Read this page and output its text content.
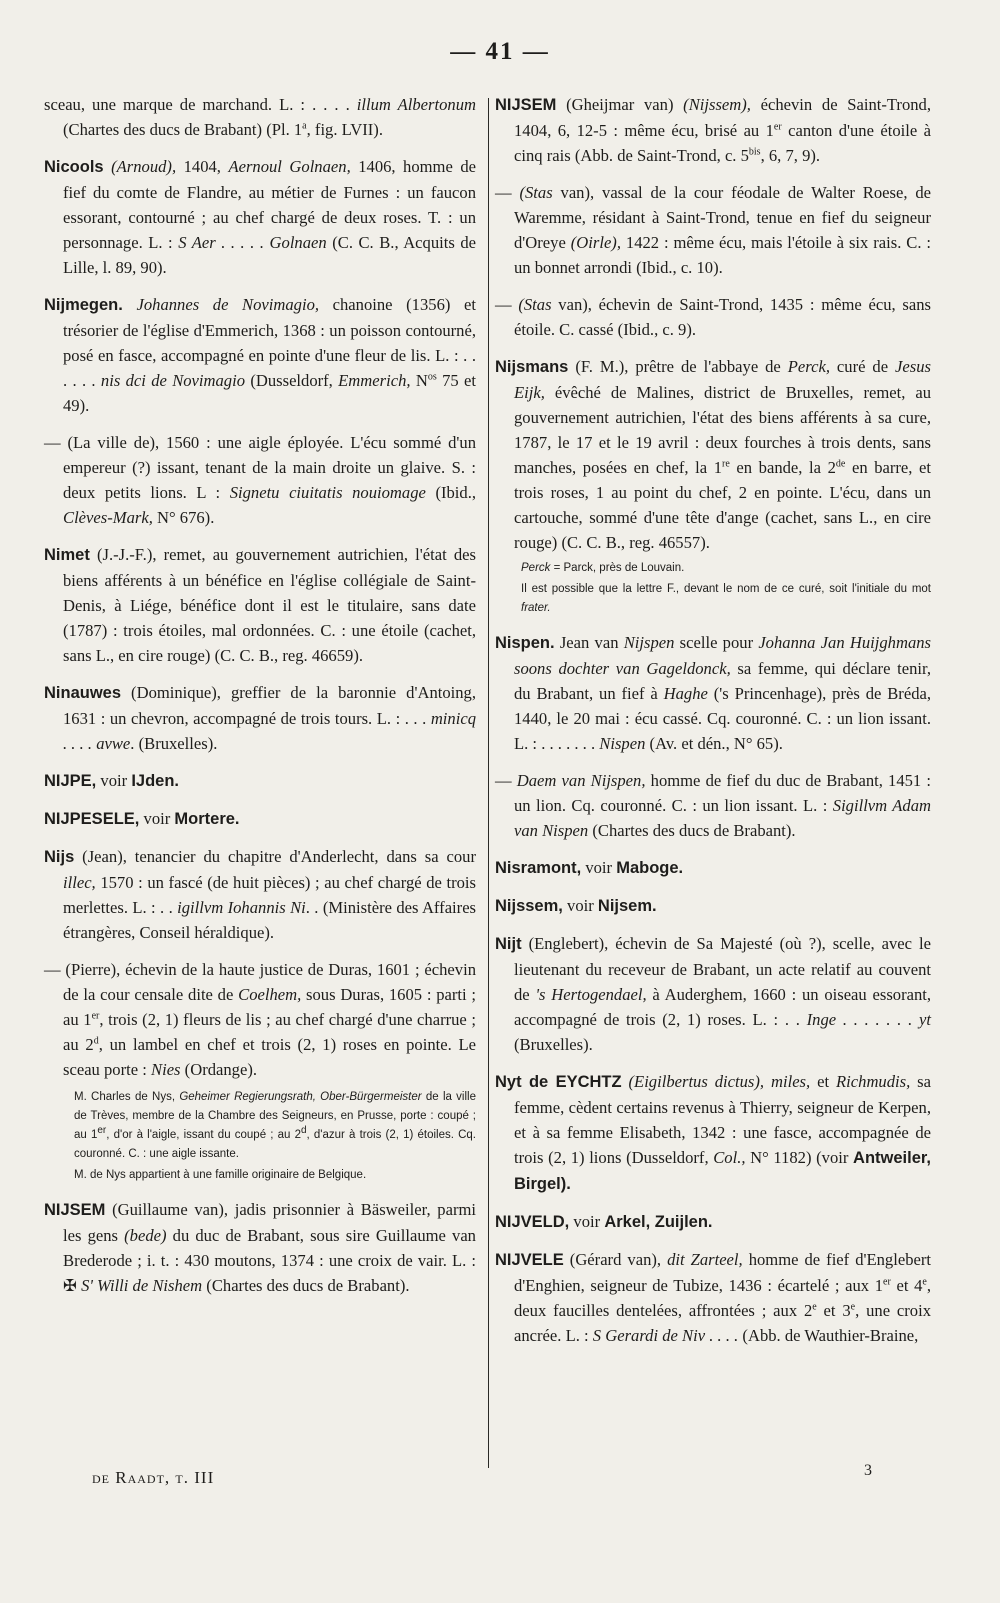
— 41 —

sceau, une marque de marchand. L. : . . . . illum Albertonum (Chartes des ducs de Brabant) (Pl. 1$^a$, fig. LVII).

Nicools (Arnoud), 1404, Aernoul Golnaen, 1406, homme de fief du comte de Flandre, au métier de Furnes : un faucon essorant, contourné ; au chef chargé de deux roses. T. : un personnage. L. : S Aer . . . . . Golnaen (C. C. B., Acquits de Lille, l. 89, 90).

Nijmegen. Johannes de Novimagio, chanoine (1356) et trésorier de l'église d'Emmerich, 1368 : un poisson contourné, posé en fasce, accompagné en pointe d'une fleur de lis. L. : . . . . . . nis dci de Novimagio (Dusseldorf, Emmerich, $N^{os}$ 75 et 49).

— (La ville de), 1560 : une aigle éployée. L'écu sommé d'un empereur (?) issant, tenant de la main droite un glaive. S. : deux petits lions. L : Signetu ciuitatis nouiomage (Ibid., Clèves-Mark, N° 676).

Nimet (J.-J.-F.), remet, au gouvernement autrichien, l'état des biens afférents à un bénéfice en l'église collégiale de Saint-Denis, à Liége, bénéfice dont il est le titulaire, sans date (1787) : trois étoiles, mal ordonnées. C. : une étoile (cachet, sans L., en cire rouge) (C. C. B., reg. 46659).

Ninauwes (Dominique), greffier de la baronnie d'Antoing, 1631 : un chevron, accompagné de trois tours. L. : . . . minicq . . . . avwe. (Bruxelles).

NIJPE, voir IJden.

NIJPESELE, voir Mortere.

Nijs (Jean), tenancier du chapitre d'Anderlecht, dans sa cour illec, 1570 : un fascé (de huit pièces) ; au chef chargé de trois merlettes. L. : . . igillvm Iohannis Ni. . (Ministère des Affaires étrangères, Conseil héraldique).

— (Pierre), échevin de la haute justice de Duras, 1601 ; échevin de la cour censale dite de Coelhem, sous Duras, 1605 : parti ; au 1er, trois (2, 1) fleurs de lis ; au chef chargé d'une charrue ; au 2$^d$, un lambel en chef et trois (2, 1) roses en pointe. Le sceau porte : Nies (Ordange).

M. Charles de Nys, Geheimer Regierungsrath, Ober-Bürgermeister de la ville de Trèves, membre de la Chambre des Seigneurs, en Prusse, porte : coupé ; au 1er, d'or à l'aigle, issant du coupé ; au 2$^d$, d'azur à trois (2, 1) étoiles. Cq. couronné. C. : une aigle issante.

M. de Nys appartient à une famille originaire de Belgique.

NIJSEM (Guillaume van), jadis prisonnier à Bäsweiler, parmi les gens (bede) du duc de Brabant, sous sire Guillaume van Brederode ; i. t. : 430 moutons, 1374 : une croix de vair. L. : ✠ S' Willi de Nishem (Chartes des ducs de Brabant).

NIJSEM (Gheijmar van) (Nijssem), échevin de Saint-Trond, 1404, 6, 12-5 : même écu, brisé au 1er canton d'une étoile à cinq rais (Abb. de Saint-Trond, c. $5^{bis}$, 6, 7, 9).

— (Stas van), vassal de la cour féodale de Walter Roese, de Waremme, résidant à Saint-Trond, tenue en fief du seigneur d'Oreye (Oirle), 1422 : même écu, mais l'étoile à six rais. C. : un bonnet arrondi (Ibid., c. 10).

— (Stas van), échevin de Saint-Trond, 1435 : même écu, sans étoile. C. cassé (Ibid., c. 9).

Nijsmans (F. M.), prêtre de l'abbaye de Perck, curé de Jesus Eijk, évêché de Malines, district de Bruxelles, remet, au gouvernement autrichien, l'état des biens afférents à sa cure, 1787, le 17 et le 19 avril : deux fourches à trois dents, sans manches, posées en chef, la 1re en bande, la 2de en barre, et trois roses, 1 au point du chef, 2 en pointe. L'écu, dans un cartouche, sommé d'une tête d'ange (cachet, sans L., en cire rouge) (C. C. B., reg. 46557).

Perck = Parck, près de Louvain.

Il est possible que la lettre F., devant le nom de ce curé, soit l'initiale du mot frater.

Nispen. Jean van Nijspen scelle pour Johanna Jan Huijghmans soons dochter van Gageldonck, sa femme, qui déclare tenir, du Brabant, un fief à Haghe ('s Princenhage), près de Bréda, 1440, le 20 mai : écu cassé. Cq. couronné. C. : un lion issant. L. : . . . . . . . Nispen (Av. et dén., N° 65).

— Daem van Nijspen, homme de fief du duc de Brabant, 1451 : un lion. Cq. couronné. C. : un lion issant. L. : Sigillvm Adam van Nispen (Chartes des ducs de Brabant).

Nisramont, voir Maboge.

Nijssem, voir Nijsem.

Nijt (Englebert), échevin de Sa Majesté (où ?), scelle, avec le lieutenant du receveur de Brabant, un acte relatif au couvent de 's Hertogendael, à Auderghem, 1660 : un oiseau essorant, accompagné de trois (2, 1) roses. L. : . . Inge . . . . . . . yt (Bruxelles).

Nyt de EYCHTZ (Eigilbertus dictus), miles, et Richmudis, sa femme, cèdent certains revenus à Thierry, seigneur de Kerpen, et à sa femme Elisabeth, 1342 : une fasce, accompagnée de trois (2, 1) lions (Dusseldorf, Col., N° 1182) (voir Antweiler, Birgel).

NIJVELD, voir Arkel, Zuijlen.

NIJVELE (Gérard van), dit Zarteel, homme de fief d'Englebert d'Enghien, seigneur de Tubize, 1436 : écartelé ; aux 1er et 4e, deux faucilles dentelées, affrontées ; aux 2e et 3e, une croix ancrée. L. : S Gerardi de Niv . . . . (Abb. de Wauthier-Braine,

de Raadt, t. III	3
